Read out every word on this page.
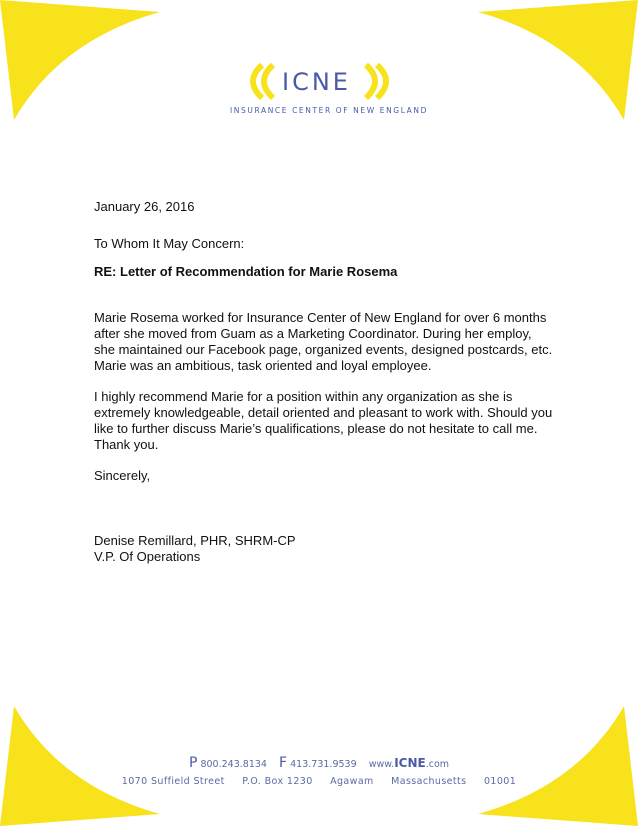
ICNE
INSURANCE CENTER OF NEW ENGLAND

January 26, 2016

To Whom It May Concern:

RE: Letter of Recommendation for Marie Rosema

Marie Rosema worked for Insurance Center of New England for over 6 months after she moved from Guam as a Marketing Coordinator. During her employ, she maintained our Facebook page, organized events, designed postcards, etc. Marie was an ambitious, task oriented and loyal employee.

I highly recommend Marie for a position within any organization as she is extremely knowledgeable, detail oriented and pleasant to work with. Should you like to further discuss Marie’s qualifications, please do not hesitate to call me. Thank you.

Sincerely,

Denise Remillard, PHR, SHRM-CP

V.P. Of Operations

P 800.243.8134 F 413.731.9539 www.ICNE.com
1070 Suffield Street P.O. Box 1230 Agawam Massachusetts 01001
